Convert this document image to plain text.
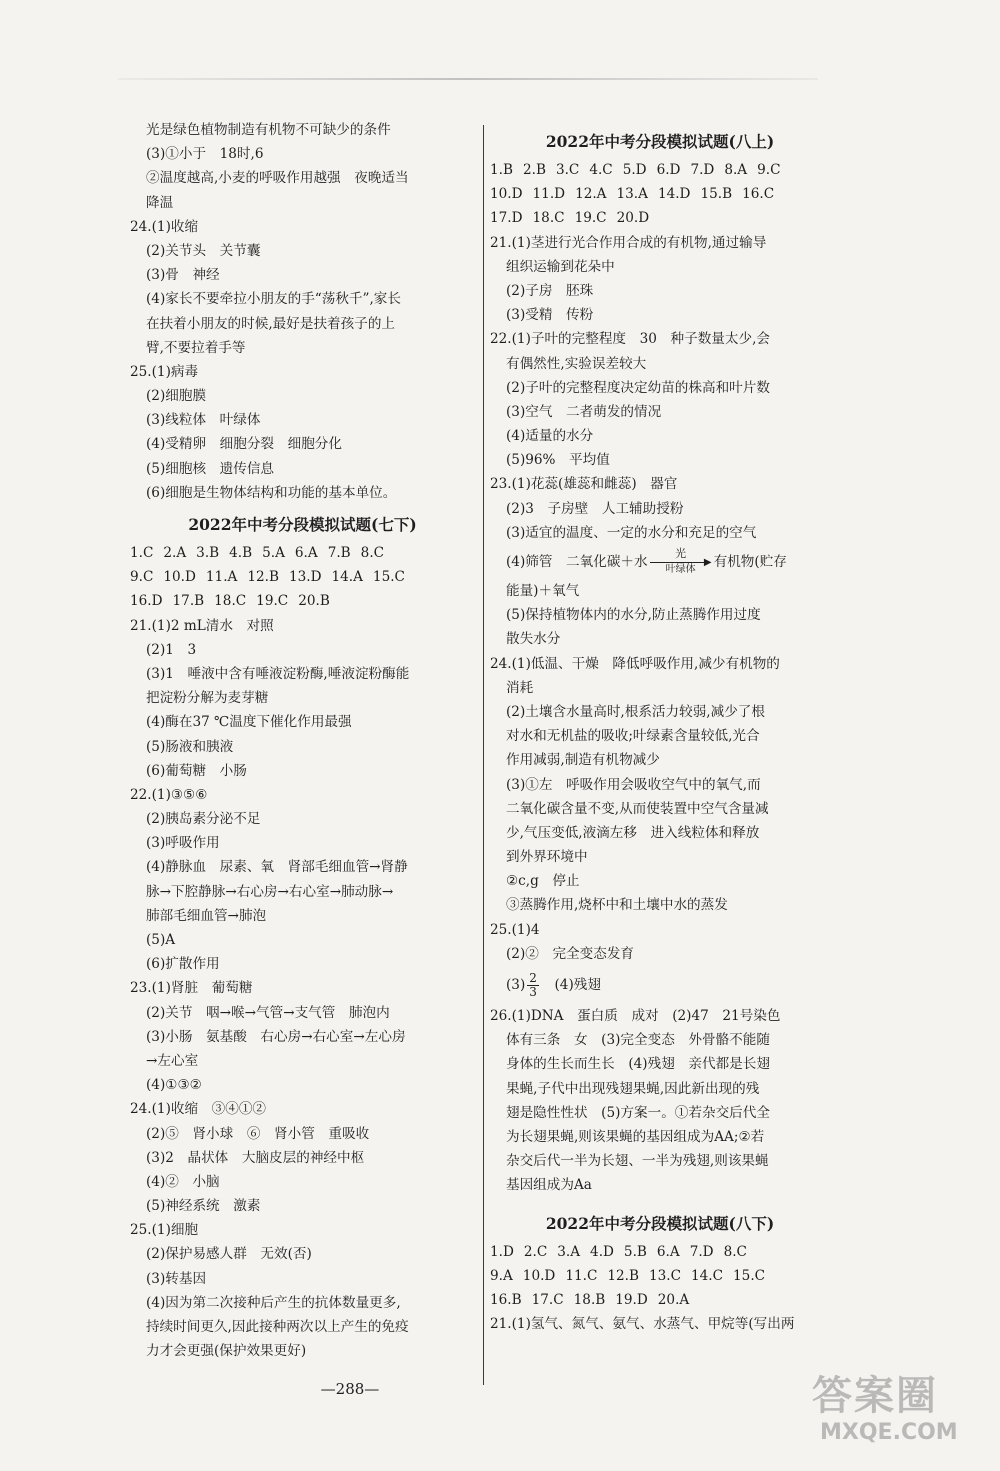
光是绿色植物制造有机物不可缺少的条件
(3)①小于　18时,6
②温度越高,小麦的呼吸作用越强　夜晚适当
降温
24.(1)收缩
(2)关节头　关节囊
(3)骨　神经
(4)家长不要牵拉小朋友的手“荡秋千”,家长
在扶着小朋友的时候,最好是扶着孩子的上
臂,不要拉着手等
25.(1)病毒
(2)细胞膜
(3)线粒体　叶绿体
(4)受精卵　细胞分裂　细胞分化
(5)细胞核　遗传信息
(6)细胞是生物体结构和功能的基本单位。
2022年中考分段模拟试题(七下)
1.C 2.A 3.B 4.B 5.A 6.A 7.B 8.C
9.C 10.D 11.A 12.B 13.D 14.A 15.C
16.D 17.B 18.C 19.C 20.B
21.(1)2 mL清水　对照
(2)1　3
(3)1　唾液中含有唾液淀粉酶,唾液淀粉酶能
把淀粉分解为麦芽糖
(4)酶在37 ℃温度下催化作用最强
(5)肠液和胰液
(6)葡萄糖　小肠
22.(1)③⑤⑥
(2)胰岛素分泌不足
(3)呼吸作用
(4)静脉血　尿素、氧　肾部毛细血管→肾静
脉→下腔静脉→右心房→右心室→肺动脉→
肺部毛细血管→肺泡
(5)A
(6)扩散作用
23.(1)肾脏　葡萄糖
(2)关节　咽→喉→气管→支气管　肺泡内
(3)小肠　氨基酸　右心房→右心室→左心房
→左心室
(4)①③②
24.(1)收缩　③④①②
(2)⑤　肾小球　⑥　肾小管　重吸收
(3)2　晶状体　大脑皮层的神经中枢
(4)②　小脑
(5)神经系统　激素
25.(1)细胞
(2)保护易感人群　无效(否)
(3)转基因
(4)因为第二次接种后产生的抗体数量更多,
持续时间更久,因此接种两次以上产生的免疫
力才会更强(保护效果更好)
2022年中考分段模拟试题(八上)
1.B 2.B 3.C 4.C 5.D 6.D 7.D 8.A 9.C
10.D 11.D 12.A 13.A 14.D 15.B 16.C
17.D 18.C 19.C 20.D
21.(1)茎进行光合作用合成的有机物,通过输导
组织运输到花朵中
(2)子房　胚珠
(3)受精　传粉
22.(1)子叶的完整程度　30　种子数量太少,会
有偶然性,实验误差较大
(2)子叶的完整程度决定幼苗的株高和叶片数
(3)空气　二者萌发的情况
(4)适量的水分
(5)96%　平均值
23.(1)花蕊(雄蕊和雌蕊)　器官
(2)3　子房壁　人工辅助授粉
(3)适宜的温度、一定的水分和充足的空气
(4)筛管　二氧化碳＋水
光
▶
叶绿体	有机物(贮存
能量)＋氧气
(5)保持植物体内的水分,防止蒸腾作用过度
散失水分
24.(1)低温、干燥　降低呼吸作用,减少有机物的
消耗
(2)土壤含水量高时,根系活力较弱,减少了根
对水和无机盐的吸收;叶绿素含量较低,光合
作用减弱,制造有机物减少
(3)①左　呼吸作用会吸收空气中的氧气,而
二氧化碳含量不变,从而使装置中空气含量减
少,气压变低,液滴左移　进入线粒体和释放
到外界环境中
②c,g　停止
③蒸腾作用,烧杯中和土壤中水的蒸发
25.(1)4
(2)②　完全变态发育
$(3) \frac{2}{3}$ 　(4)残翅
26.(1)DNA　蛋白质　成对　(2)47　21号染色
体有三条　女　(3)完全变态　外骨骼不能随
身体的生长而生长　(4)残翅　亲代都是长翅
果蝇,子代中出现残翅果蝇,因此新出现的残
翅是隐性性状　(5)方案一。①若杂交后代全
为长翅果蝇,则该果蝇的基因组成为AA;②若
杂交后代一半为长翅、一半为残翅,则该果蝇
基因组成为Aa
2022年中考分段模拟试题(八下)
1.D 2.C 3.A 4.D 5.B 6.A 7.D 8.C
9.A 10.D 11.C 12.B 13.C 14.C 15.C
16.B 17.C 18.B 19.D 20.A
21.(1)氢气、氮气、氨气、水蒸气、甲烷等(写出两
—288—	答案圈
MXQE.COM
